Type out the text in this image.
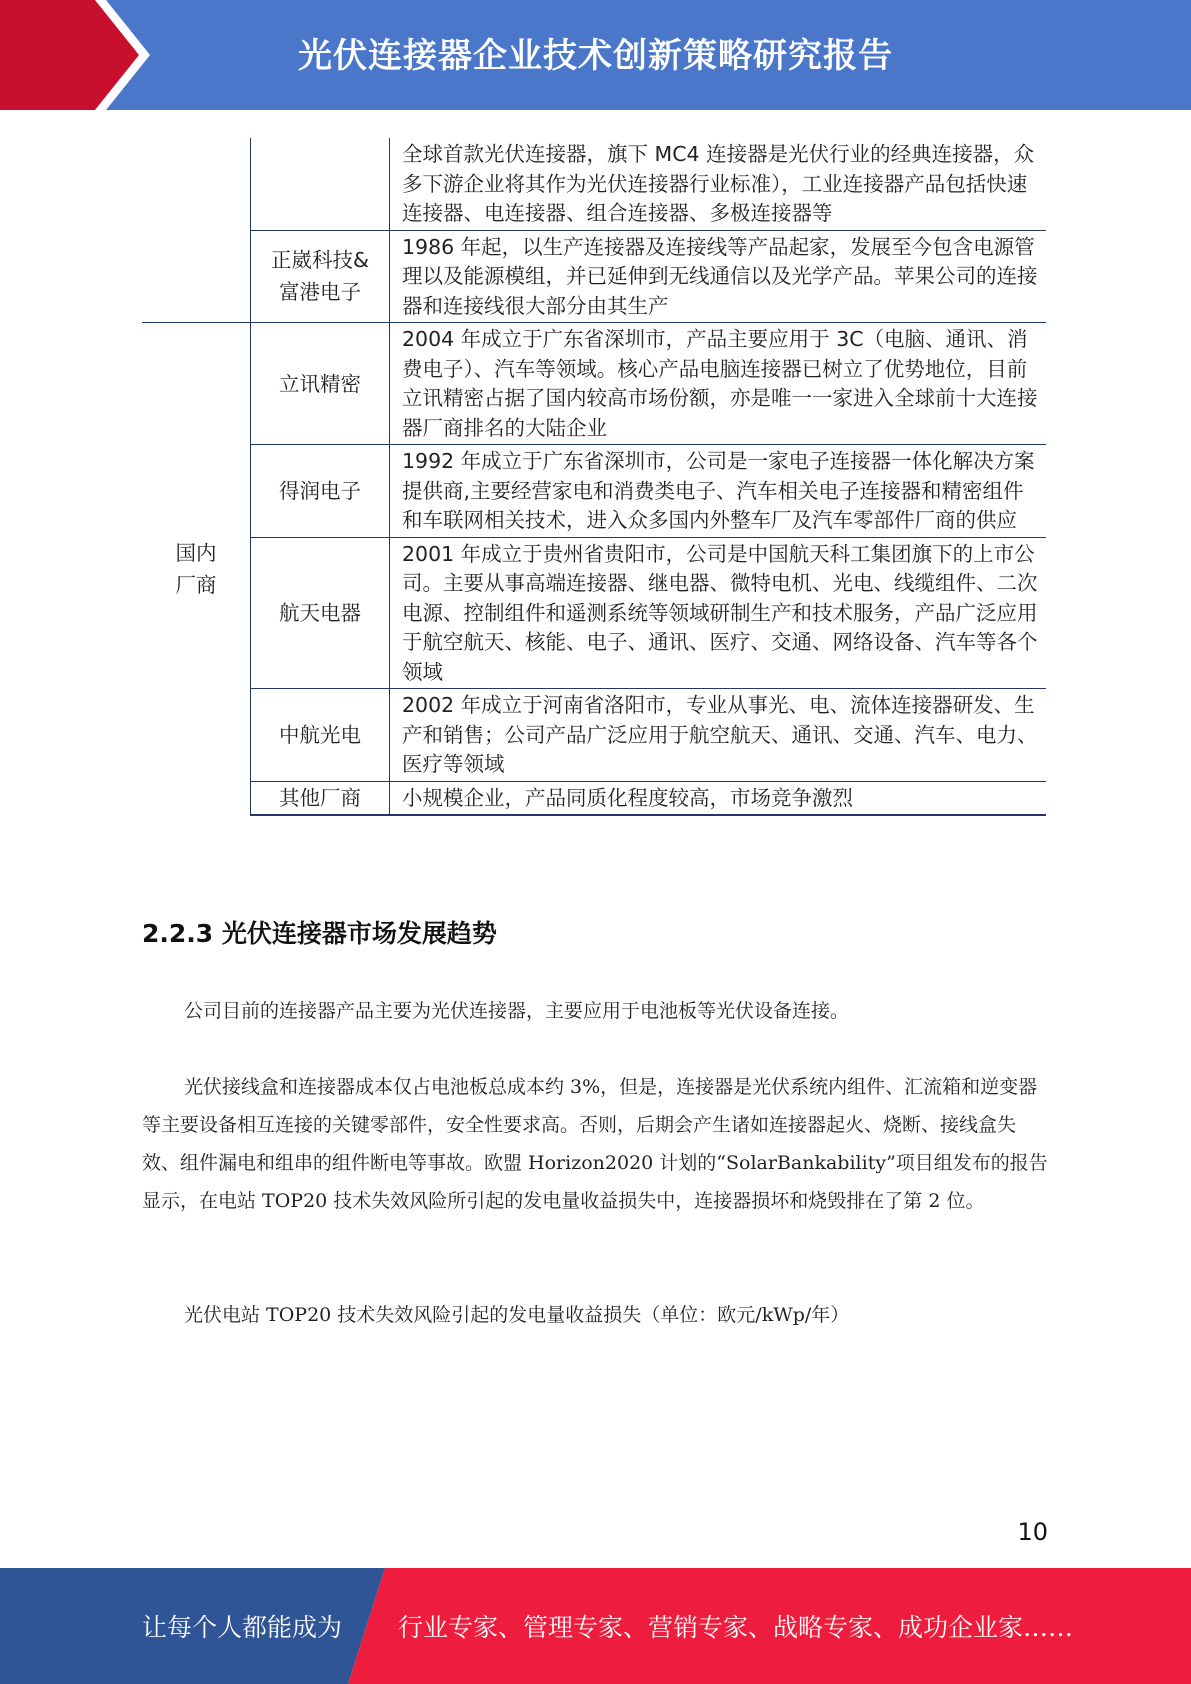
光伏连接器企业技术创新策略研究报告

		全球首款光伏连接器，旗下 MC4 连接器是光伏行业的经典连接器，众多下游企业将其作为光伏连接器行业标准），工业连接器产品包括快速连接器、电连接器、组合连接器、多极连接器等

	正崴科技&富港电子	1986 年起，以生产连接器及连接线等产品起家，发展至今包含电源管理以及能源模组，并已延伸到无线通信以及光学产品。苹果公司的连接器和连接线很大部分由其生产

国内厂商	立讯精密	2004 年成立于广东省深圳市，产品主要应用于 3C（电脑、通讯、消费电子）、汽车等领域。核心产品电脑连接器已树立了优势地位，目前立讯精密占据了国内较高市场份额，亦是唯一一家进入全球前十大连接器厂商排名的大陆企业

	得润电子	1992 年成立于广东省深圳市，公司是一家电子连接器一体化解决方案提供商,主要经营家电和消费类电子、汽车相关电子连接器和精密组件和车联网相关技术，进入众多国内外整车厂及汽车零部件厂商的供应

	航天电器	2001 年成立于贵州省贵阳市，公司是中国航天科工集团旗下的上市公司。主要从事高端连接器、继电器、微特电机、光电、线缆组件、二次电源、控制组件和遥测系统等领域研制生产和技术服务，产品广泛应用于航空航天、核能、电子、通讯、医疗、交通、网络设备、汽车等各个领域

	中航光电	2002 年成立于河南省洛阳市，专业从事光、电、流体连接器研发、生产和销售；公司产品广泛应用于航空航天、通讯、交通、汽车、电力、医疗等领域

	其他厂商	小规模企业，产品同质化程度较高，市场竞争激烈
2.2.3 光伏连接器市场发展趋势

公司目前的连接器产品主要为光伏连接器，主要应用于电池板等光伏设备连接。

光伏接线盒和连接器成本仅占电池板总成本约 3%，但是，连接器是光伏系统内组件、汇流箱和逆变器等主要设备相互连接的关键零部件，安全性要求高。否则，后期会产生诸如连接器起火、烧断、接线盒失效、组件漏电和组串的组件断电等事故。欧盟 Horizon2020 计划的“SolarBankability”项目组发布的报告显示，在电站 TOP20 技术失效风险所引起的发电量收益损失中，连接器损坏和烧毁排在了第 2 位。

光伏电站 TOP20 技术失效风险引起的发电量收益损失（单位：欧元/kWp/年）

10
让每个人都能成为 行业专家、管理专家、营销专家、战略专家、成功企业家……
